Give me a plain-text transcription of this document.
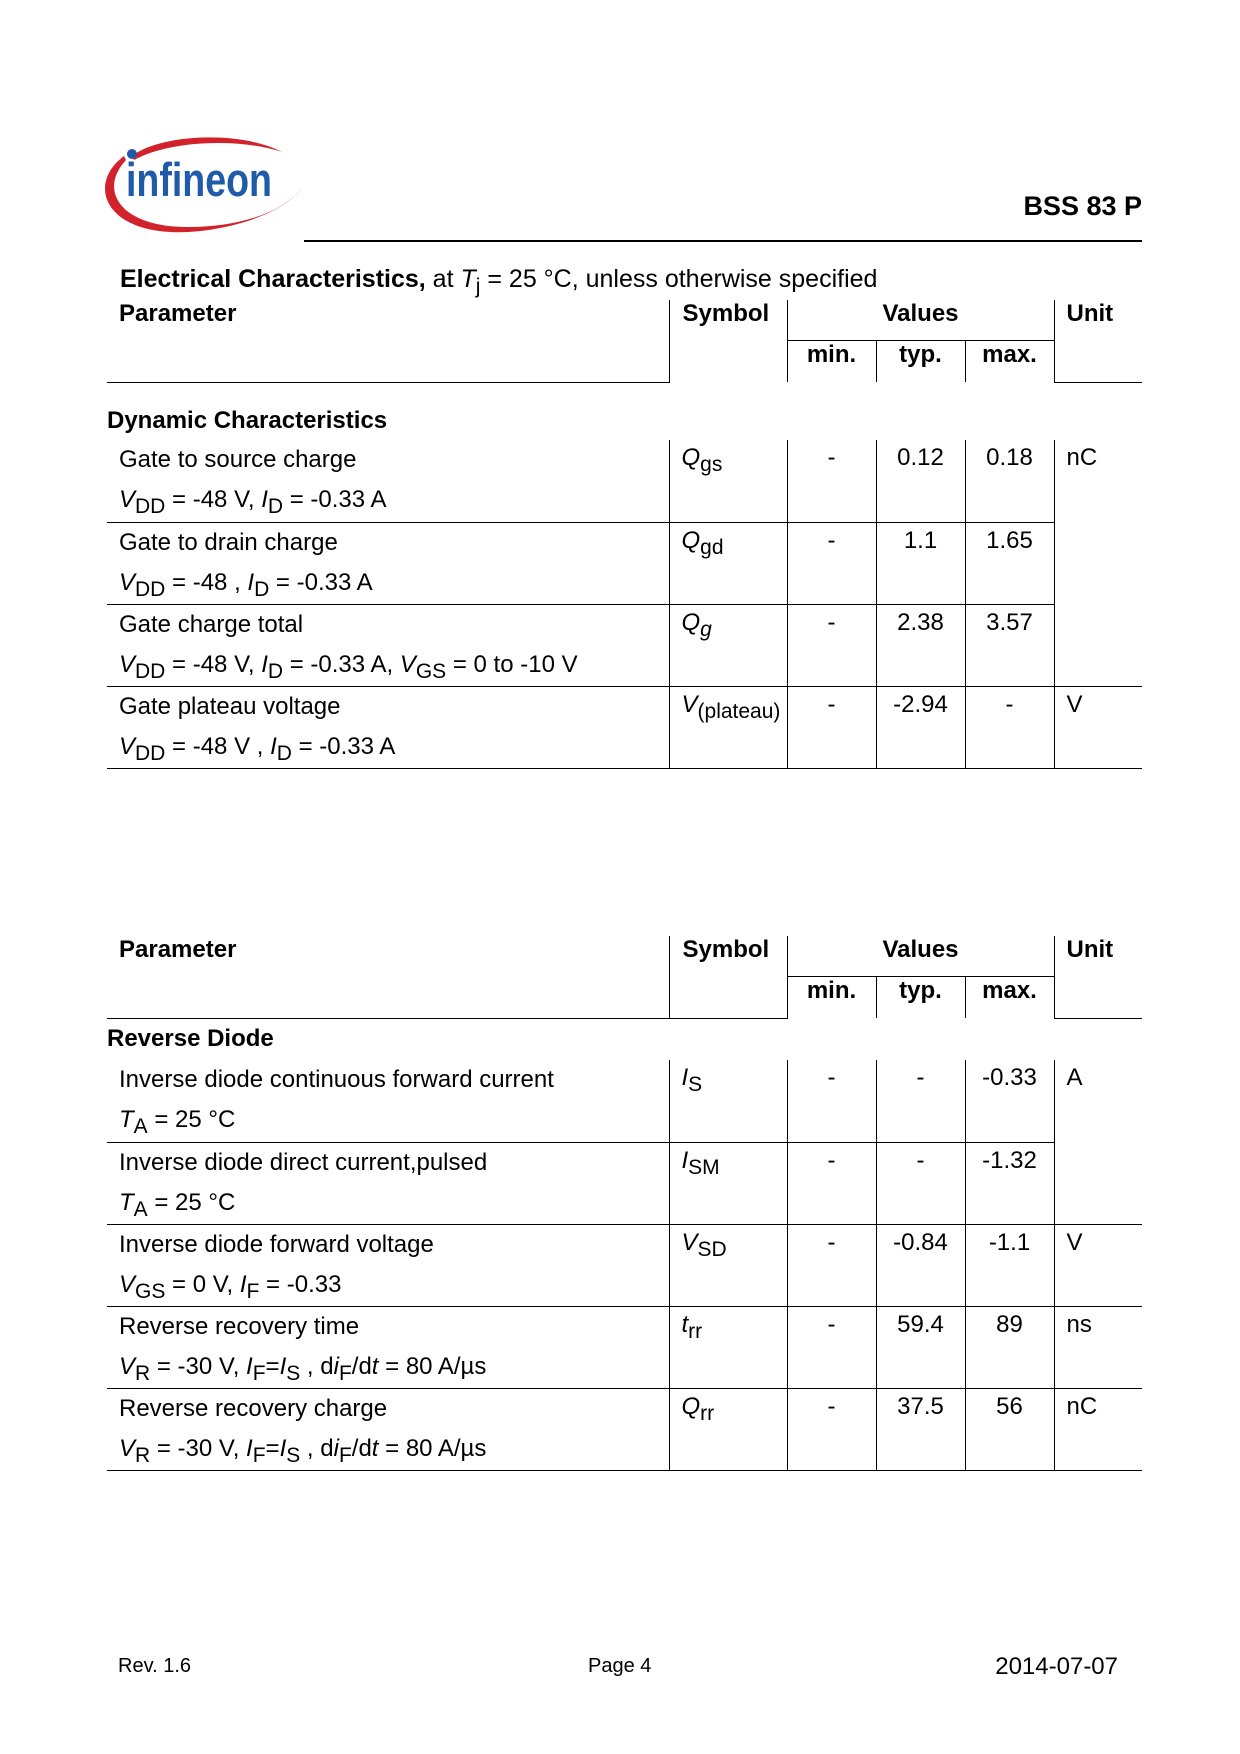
infineon	BSS 83 P
Electrical Characteristics, at $T_j = 25$ °C, unless otherwise specified
Parameter	Symbol	Values			Unit
		min.	typ.	max.	
Dynamic Characteristics					

Gate to source charge
$V_{DD} = -48$ V, $I_D = -0.33$ A	$Q_{gs}$	-	0.12	0.18	nC

Gate to drain charge
$V_{DD} = -48$ , $I_D = -0.33$ A	$Q_{gd}$	-	1.1	1.65	

Gate charge total
$V_{DD} = -48$ V, $I_D = -0.33$ A, $V_{GS} = 0$ to -10 V	$Q_g$	-	2.38	3.57	

Gate plateau voltage
$V_{DD} = -48$ V , $I_D = -0.33$ A	$V_{(plateau)}$	-	-2.94	-	V
Parameter	Symbol	Values			Unit
		min.	typ.	max.	
Reverse Diode					

Inverse diode continuous forward current
$T_A = 25$ °C	$I_S$	-	-	-0.33	A

Inverse diode direct current,pulsed
$T_A = 25$ °C	$I_{SM}$	-	-	-1.32	

Inverse diode forward voltage
$V_{GS} = 0$ V, $I_F = -0.33$	$V_{SD}$	-	-0.84	-1.1	V

Reverse recovery time
$V_R = -30$ V, $I_F=I_S$ , $di_F/dt = 80$ A/µs	$t_{rr}$	-	59.4	89	ns

Reverse recovery charge
$V_R = -30$ V, $I_F=I_S$ , $di_F/dt = 80$ A/µs	$Q_{rr}$	-	37.5	56	nC
Rev. 1.6	Page 4	2014-07-07
